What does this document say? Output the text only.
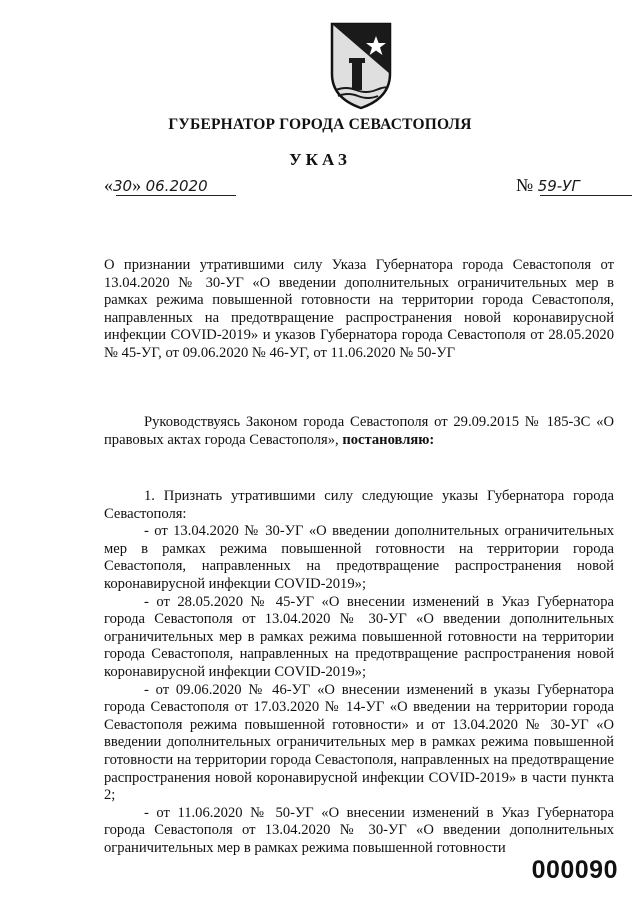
ГУБЕРНАТОР ГОРОДА СЕВАСТОПОЛЯ
УКАЗ
«30» 06.2020	№ 59-УГ
О признании утратившими силу Указа Губернатора города Севастополя от 13.04.2020 № 30-УГ «О введении дополнительных ограничительных мер в рамках режима повышенной готовности на территории города Севастополя, направленных на предотвращение распространения новой коронавирусной инфекции COVID-2019» и указов Губернатора города Севастополя от 28.05.2020 № 45-УГ, от 09.06.2020 № 46-УГ, от 11.06.2020 № 50-УГ

Руководствуясь Законом города Севастополя от 29.09.2015 № 185-ЗС «О правовых актах города Севастополя», постановляю:

1. Признать утратившими силу следующие указы Губернатора города Севастополя:

- от 13.04.2020 № 30-УГ «О введении дополнительных ограничительных мер в рамках режима повышенной готовности на территории города Севастополя, направленных на предотвращение распространения новой коронавирусной инфекции COVID-2019»;

- от 28.05.2020 № 45-УГ «О внесении изменений в Указ Губернатора города Севастополя от 13.04.2020 № 30-УГ «О введении дополнительных ограничительных мер в рамках режима повышенной готовности на территории города Севастополя, направленных на предотвращение распространения новой коронавирусной инфекции COVID-2019»;

- от 09.06.2020 № 46-УГ «О внесении изменений в указы Губернатора города Севастополя от 17.03.2020 № 14-УГ «О введении на территории города Севастополя режима повышенной готовности» и от 13.04.2020 № 30-УГ «О введении дополнительных ограничительных мер в рамках режима повышенной готовности на территории города Севастополя, направленных на предотвращение распространения новой коронавирусной инфекции COVID-2019» в части пункта 2;

- от 11.06.2020 № 50-УГ «О внесении изменений в Указ Губернатора города Севастополя от 13.04.2020 № 30-УГ «О введении дополнительных ограничительных мер в рамках режима повышенной готовности

000090
